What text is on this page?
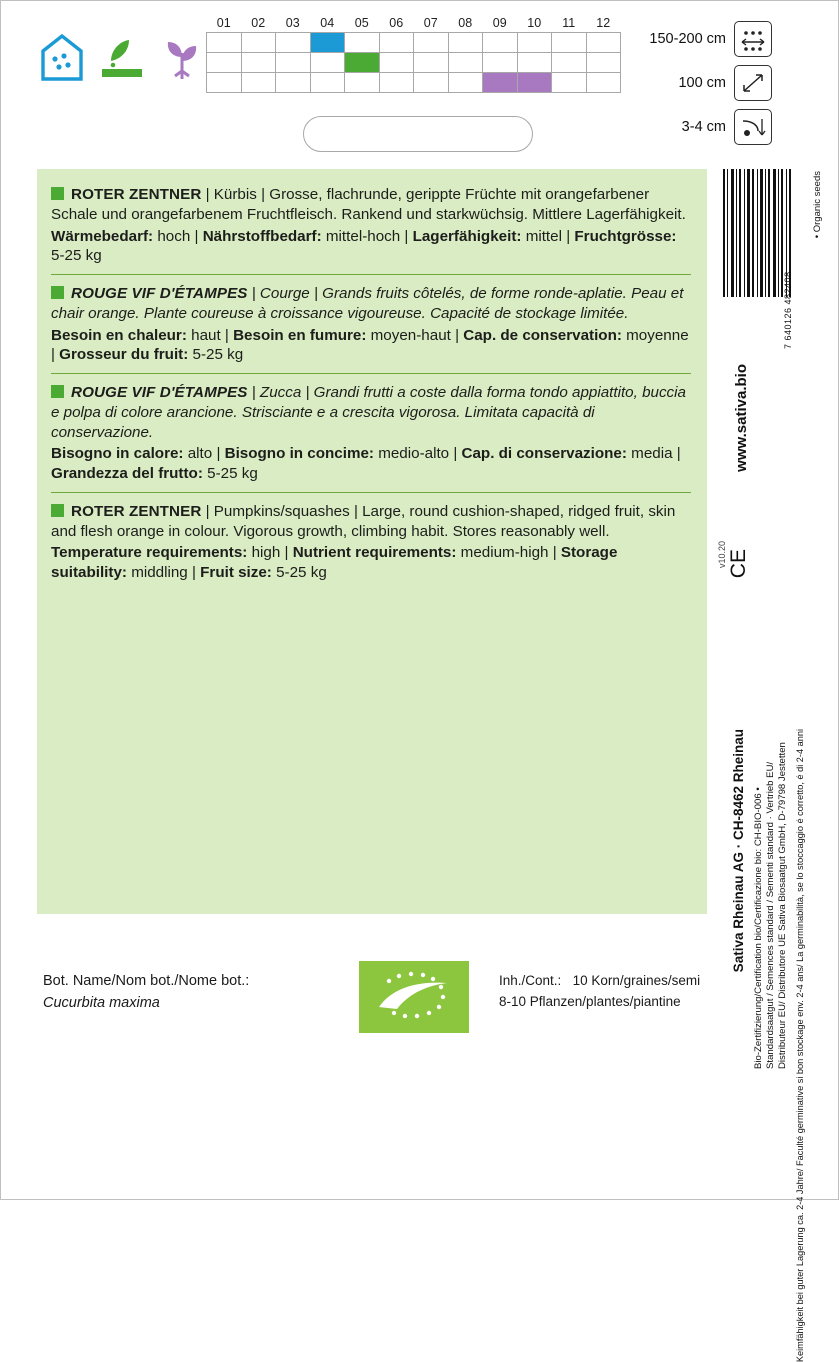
01	02	03	04	05	06	07	08	09	10	11	12

150-200 cm
100 cm
3-4 cm
ROTER ZENTNER | Kürbis | Grosse, flachrunde, gerippte Früchte mit orangefarbener Schale und orangefarbenem Fruchtfleisch. Rankend und starkwüchsig. Mittlere Lagerfähigkeit.
Wärmebedarf: hoch | Nährstoffbedarf: mittel-hoch | Lagerfähigkeit: mittel | Fruchtgrösse: 5-25 kg
ROUGE VIF D'ÉTAMPES | Courge | Grands fruits côtelés, de forme ronde-aplatie. Peau et chair orange. Plante coureuse à croissance vigoureuse. Capacité de stockage limitée.
Besoin en chaleur: haut | Besoin en fumure: moyen-haut | Cap. de conservation: moyenne | Grosseur du fruit: 5-25 kg
ROUGE VIF D'ÉTAMPES | Zucca | Grandi frutti a coste dalla forma tondo appiattito, buccia e polpa di colore arancione. Strisciante e a crescita vigorosa. Limitata capacità di conservazione.
Bisogno in calore: alto | Bisogno in concime: medio-alto | Cap. di conservazione: media | Grandezza del frutto: 5-25 kg
ROTER ZENTNER | Pumpkins/squashes | Large, round cushion-shaped, ridged fruit, skin and flesh orange in colour. Vigorous growth, climbing habit. Stores reasonably well.
Temperature requirements: high | Nutrient requirements: medium-high | Storage suitability: middling | Fruit size: 5-25 kg
7 640126 482408
• Organic seeds
www.sativa.bio
v10.20 CE
Sativa Rheinau AG · CH-8462 Rheinau Bio-Zertifizierung/Certification bio/Certificazione bio: CH-BIO-006 • Standardsaatgut / Semences standard / Sementi standard · Vertrieb EU/ Distributeur EU/ Distributore UE Sativa Biosaatgut GmbH, D-79798 Jestetten Keimfähigkeit bei guter Lagerung ca. 2-4 Jahre/ Faculté germinative si bon stockage env. 2-4 ans/ La germinabilità, se lo stoccaggio é corretto, é di 2-4 anni
Bot. Name/Nom bot./Nome bot.:
Cucurbita maxima
Inh./Cont.: 10 Korn/graines/semi
8-10 Pflanzen/plantes/piantine
